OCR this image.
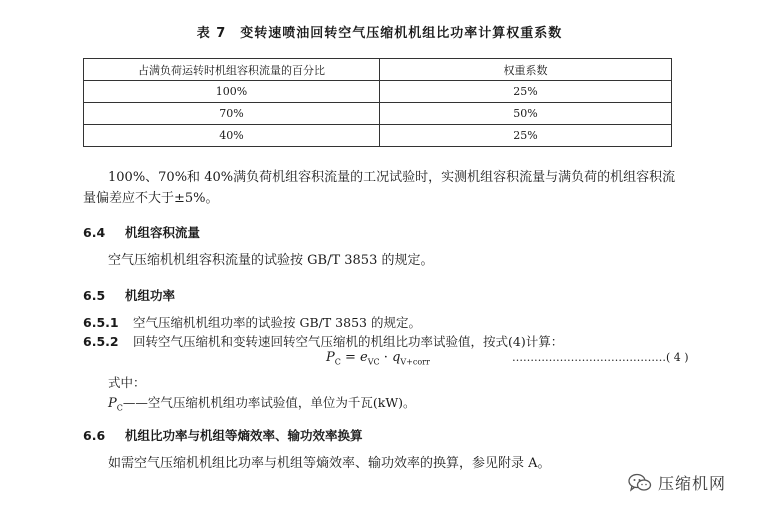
表 7　变转速喷油回转空气压缩机机组比功率计算权重系数
占满负荷运转时机组容积流量的百分比	权重系数
100%	25%
70%	50%
40%	25%
100%、70%和 40%满负荷机组容积流量的工况试验时，实测机组容积流量与满负荷的机组容积流
量偏差应不大于±5%。
6.4 机组容积流量
空气压缩机机组容积流量的试验按 GB/T 3853 的规定。
6.5 机组功率
6.5.1 空气压缩机机组功率的试验按 GB/T 3853 的规定。
6.5.2 回转空气压缩机和变转速回转空气压缩机的机组比功率试验值，按式(4)计算：
$P_C = e_{VC} \cdot q_{V+corr}$	……………………………………( 4 )
式中：
$P_C——$空气压缩机机组功率试验值，单位为千瓦(kW)。
6.6 机组比功率与机组等熵效率、输功效率换算
如需空气压缩机机组比功率与机组等熵效率、输功效率的换算，参见附录 A。
压缩机网
